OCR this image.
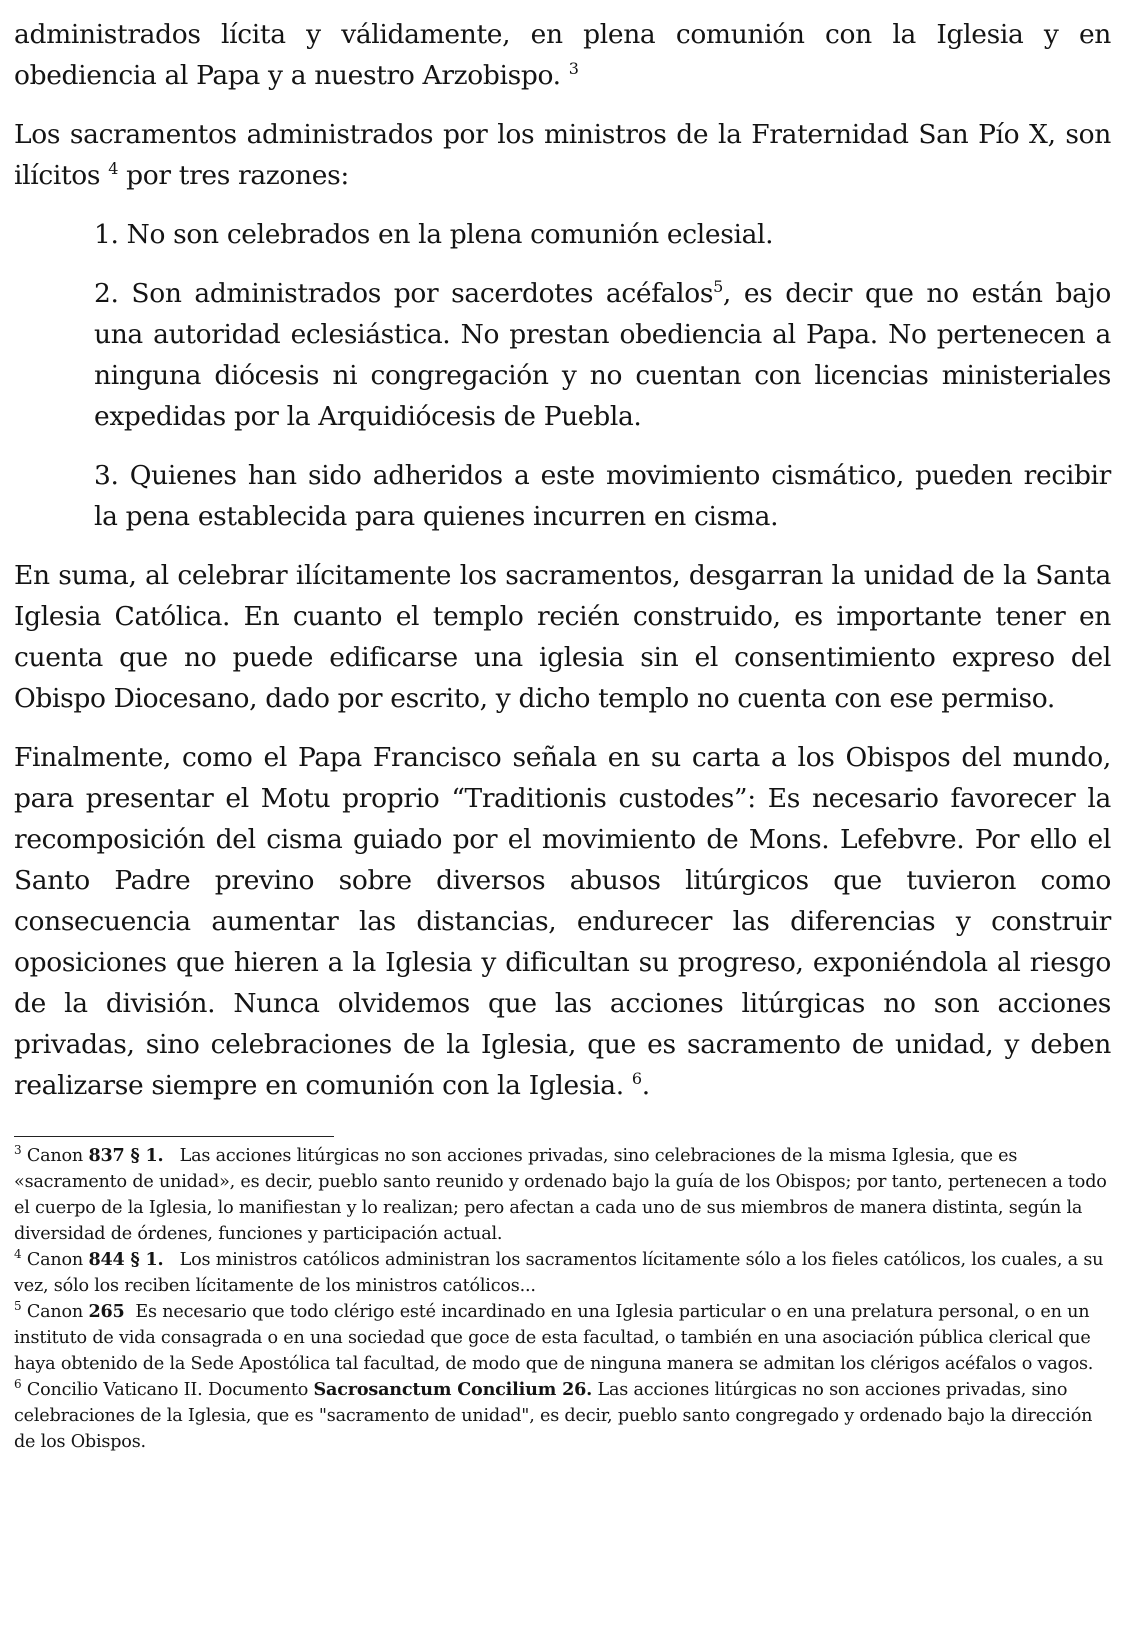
administrados lícita y válidamente, en plena comunión con la Iglesia y en obediencia al Papa y a nuestro Arzobispo. $^3$

Los sacramentos administrados por los ministros de la Fraternidad San Pío X, son ilícitos $^4$ por tres razones:

1. No son celebrados en la plena comunión eclesial.

2. Son administrados por sacerdotes acéfalos$^5$, es decir que no están bajo una autoridad eclesiástica. No prestan obediencia al Papa. No pertenecen a ninguna diócesis ni congregación y no cuentan con licencias ministeriales expedidas por la Arquidiócesis de Puebla.

3. Quienes han sido adheridos a este movimiento cismático, pueden recibir la pena establecida para quienes incurren en cisma.

En suma, al celebrar ilícitamente los sacramentos, desgarran la unidad de la Santa Iglesia Católica. En cuanto el templo recién construido, es importante tener en cuenta que no puede edificarse una iglesia sin el consentimiento expreso del Obispo Diocesano, dado por escrito, y dicho templo no cuenta con ese permiso.

Finalmente, como el Papa Francisco señala en su carta a los Obispos del mundo, para presentar el Motu proprio “Traditionis custodes”: Es necesario favorecer la recomposición del cisma guiado por el movimiento de Mons. Lefebvre. Por ello el Santo Padre previno sobre diversos abusos litúrgicos que tuvieron como consecuencia aumentar las distancias, endurecer las diferencias y construir oposiciones que hieren a la Iglesia y dificultan su progreso, exponiéndola al riesgo de la división. Nunca olvidemos que las acciones litúrgicas no son acciones privadas, sino celebraciones de la Iglesia, que es sacramento de unidad, y deben realizarse siempre en comunión con la Iglesia. $^6$.

$^3$ Canon 837 § 1. Las acciones litúrgicas no son acciones privadas, sino celebraciones de la misma Iglesia, que es «sacramento de unidad», es decir, pueblo santo reunido y ordenado bajo la guía de los Obispos; por tanto, pertenecen a todo el cuerpo de la Iglesia, lo manifiestan y lo realizan; pero afectan a cada uno de sus miembros de manera distinta, según la diversidad de órdenes, funciones y participación actual.

$^4$ Canon 844 § 1. Los ministros católicos administran los sacramentos lícitamente sólo a los fieles católicos, los cuales, a su vez, sólo los reciben lícitamente de los ministros católicos...

$^5$ Canon 265 Es necesario que todo clérigo esté incardinado en una Iglesia particular o en una prelatura personal, o en un instituto de vida consagrada o en una sociedad que goce de esta facultad, o también en una asociación pública clerical que haya obtenido de la Sede Apostólica tal facultad, de modo que de ninguna manera se admitan los clérigos acéfalos o vagos.

$^6$ Concilio Vaticano II. Documento Sacrosanctum Concilium 26. Las acciones litúrgicas no son acciones privadas, sino celebraciones de la Iglesia, que es "sacramento de unidad", es decir, pueblo santo congregado y ordenado bajo la dirección de los Obispos.
